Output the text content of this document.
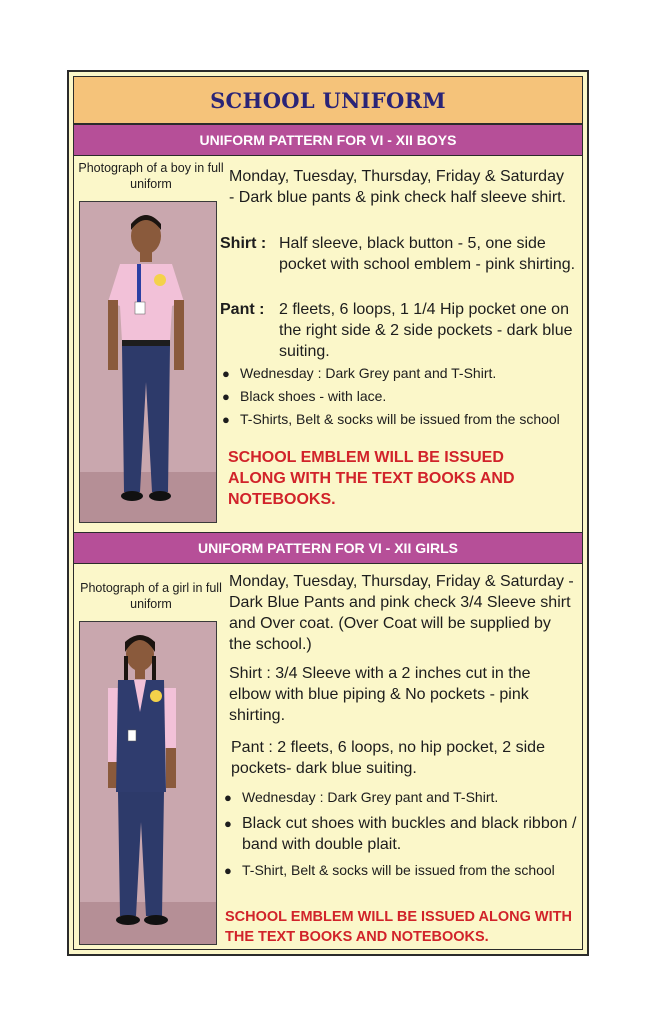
SCHOOL UNIFORM
UNIFORM PATTERN FOR VI - XII BOYS
Photograph of a boy in full uniform	Monday, Tuesday, Thursday, Friday & Saturday - Dark blue pants & pink check half sleeve shirt.
Shirt : Half sleeve, black button - 5, one side pocket with school emblem - pink shirting.
Pant : 2 fleets, 6 loops, 1 1/4 Hip pocket one on the right side & 2 side pockets - dark blue suiting.
● Wednesday : Dark Grey pant and T-Shirt.
● Black shoes - with lace.
● T-Shirts, Belt & socks will be issued from the school
SCHOOL EMBLEM WILL BE ISSUED ALONG WITH THE TEXT BOOKS AND NOTEBOOKS.
UNIFORM PATTERN FOR VI - XII GIRLS
Photograph of a girl in full uniform
Monday, Tuesday, Thursday, Friday & Saturday - Dark Blue Pants and pink check 3/4 Sleeve shirt and Over coat. (Over Coat will be supplied by the school.)
Shirt : 3/4 Sleeve with a 2 inches cut in the elbow with blue piping & No pockets - pink shirting.
Pant : 2 fleets, 6 loops, no hip pocket, 2 side pockets- dark blue suiting.
● Wednesday : Dark Grey pant and T-Shirt.
● Black cut shoes with buckles and black ribbon / band with double plait.
● T-Shirt, Belt & socks will be issued from the school
SCHOOL EMBLEM WILL BE ISSUED ALONG WITH THE TEXT BOOKS AND NOTEBOOKS.
